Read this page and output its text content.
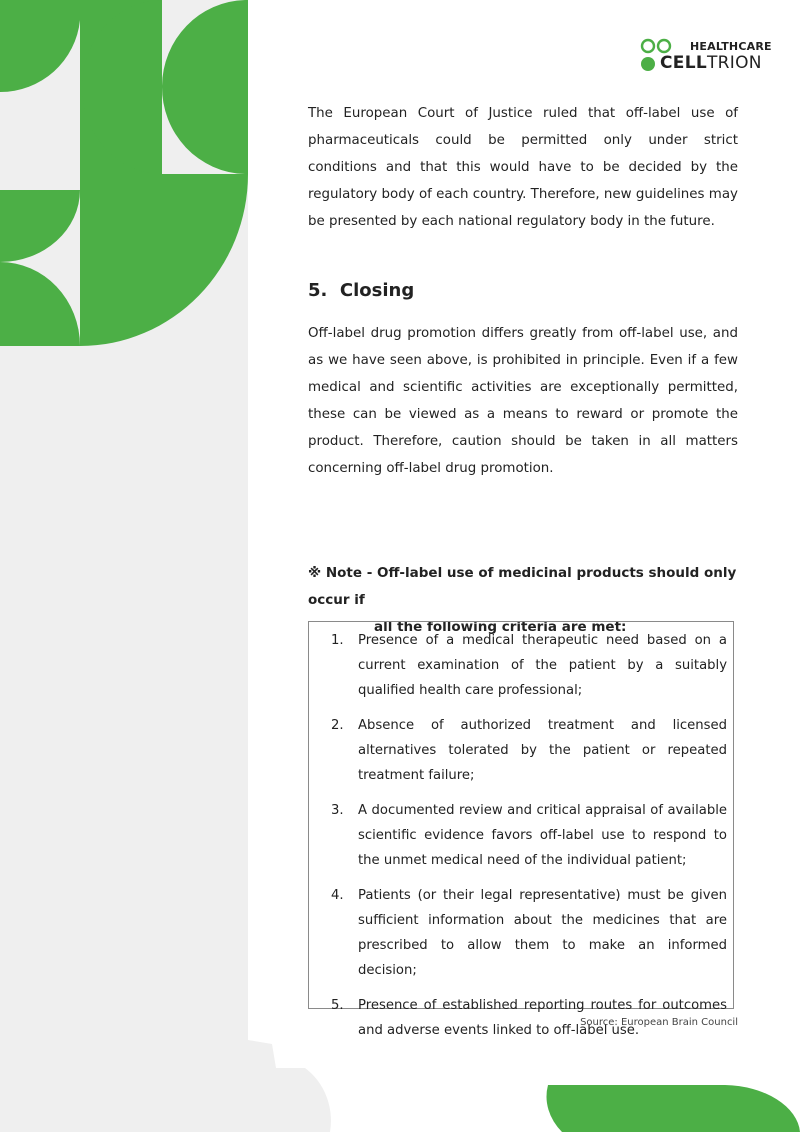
HEALTHCARE
CELLTRION

The European Court of Justice ruled that off-label use of pharmaceuticals could be permitted only under strict conditions and that this would have to be decided by the regulatory body of each country. Therefore, new guidelines may be presented by each national regulatory body in the future.

5. Closing

Off-label drug promotion differs greatly from off-label use, and as we have seen above, is prohibited in principle. Even if a few medical and scientific activities are exceptionally permitted, these can be viewed as a means to reward or promote the product. Therefore, caution should be taken in all matters concerning off-label drug promotion.

※ Note - Off-label use of medicinal products should only occur if
all the following criteria are met:
1.	Presence of a medical therapeutic need based on a current examination of the patient by a suitably qualified health care professional;
2.	Absence of authorized treatment and licensed alternatives tolerated by the patient or repeated treatment failure;
3.	A documented review and critical appraisal of available scientific evidence favors off-label use to respond to the unmet medical need of the individual patient;
4.	Patients (or their legal representative) must be given sufficient information about the medicines that are prescribed to allow them to make an informed decision;
5.	Presence of established reporting routes for outcomes and adverse events linked to off-label use.
Source: European Brain Council
